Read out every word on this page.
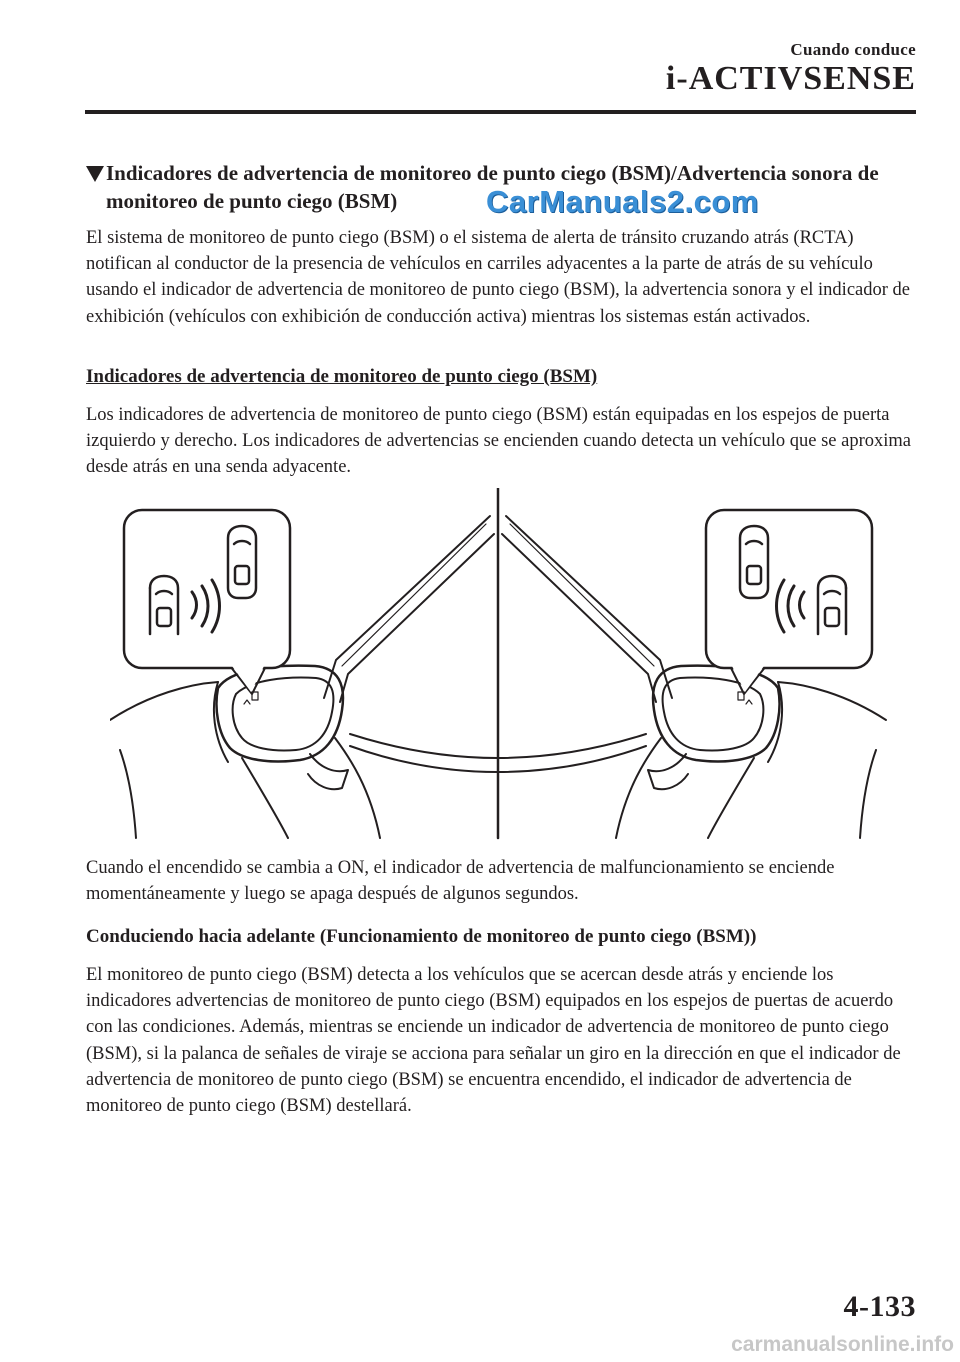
Cuando conduce
i-ACTIVSENSE
Indicadores de advertencia de monitoreo de punto ciego (BSM)/Advertencia sonora de monitoreo de punto ciego (BSM)	CarManuals2.com
El sistema de monitoreo de punto ciego (BSM) o el sistema de alerta de tránsito cruzando atrás (RCTA) notifican al conductor de la presencia de vehículos en carriles adyacentes a la parte de atrás de su vehículo usando el indicador de advertencia de monitoreo de punto ciego (BSM), la advertencia sonora y el indicador de exhibición (vehículos con exhibición de conducción activa) mientras los sistemas están activados.
Indicadores de advertencia de monitoreo de punto ciego (BSM)
Los indicadores de advertencia de monitoreo de punto ciego (BSM) están equipadas en los espejos de puerta izquierdo y derecho. Los indicadores de advertencias se encienden cuando detecta un vehículo que se aproxima desde atrás en una senda adyacente.
Cuando el encendido se cambia a ON, el indicador de advertencia de malfuncionamiento se enciende momentáneamente y luego se apaga después de algunos segundos.
Conduciendo hacia adelante (Funcionamiento de monitoreo de punto ciego (BSM))
El monitoreo de punto ciego (BSM) detecta a los vehículos que se acercan desde atrás y enciende los indicadores advertencias de monitoreo de punto ciego (BSM) equipados en los espejos de puertas de acuerdo con las condiciones. Además, mientras se enciende un indicador de advertencia de monitoreo de punto ciego (BSM), si la palanca de señales de viraje se acciona para señalar un giro en la dirección en que el indicador de advertencia de monitoreo de punto ciego (BSM) se encuentra encendido, el indicador de advertencia de monitoreo de punto ciego (BSM) destellará.
4-133
carmanualsonline.info
